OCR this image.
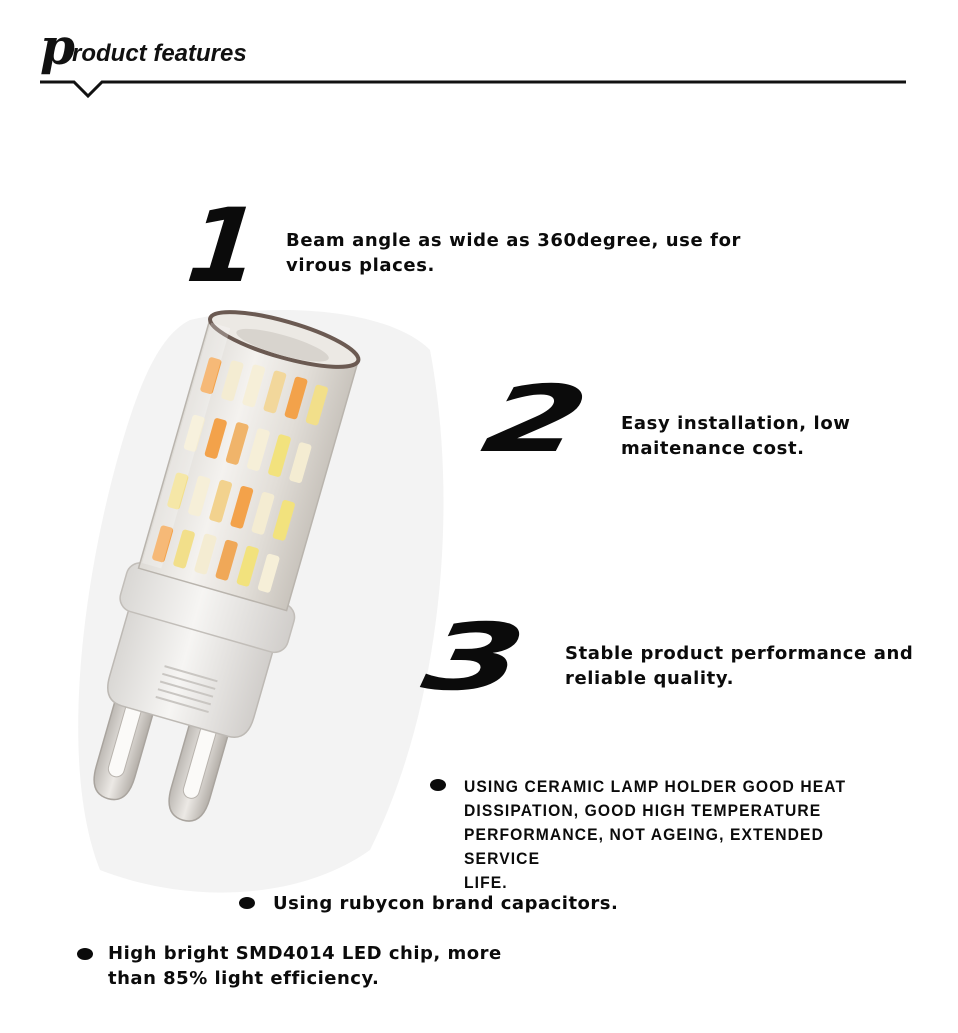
p
roduct features
1 Beam angle as wide as 360degree, use for
virous places.
2 Easy installation, low
maitenance cost.
3 Stable product performance and
reliable quality.
USING CERAMIC LAMP HOLDER GOOD HEAT
DISSIPATION, GOOD HIGH TEMPERATURE
PERFORMANCE, NOT AGEING, EXTENDED SERVICE
LIFE.
Using rubycon brand capacitors.
High bright SMD4014 LED chip, more
than 85% light efficiency.
